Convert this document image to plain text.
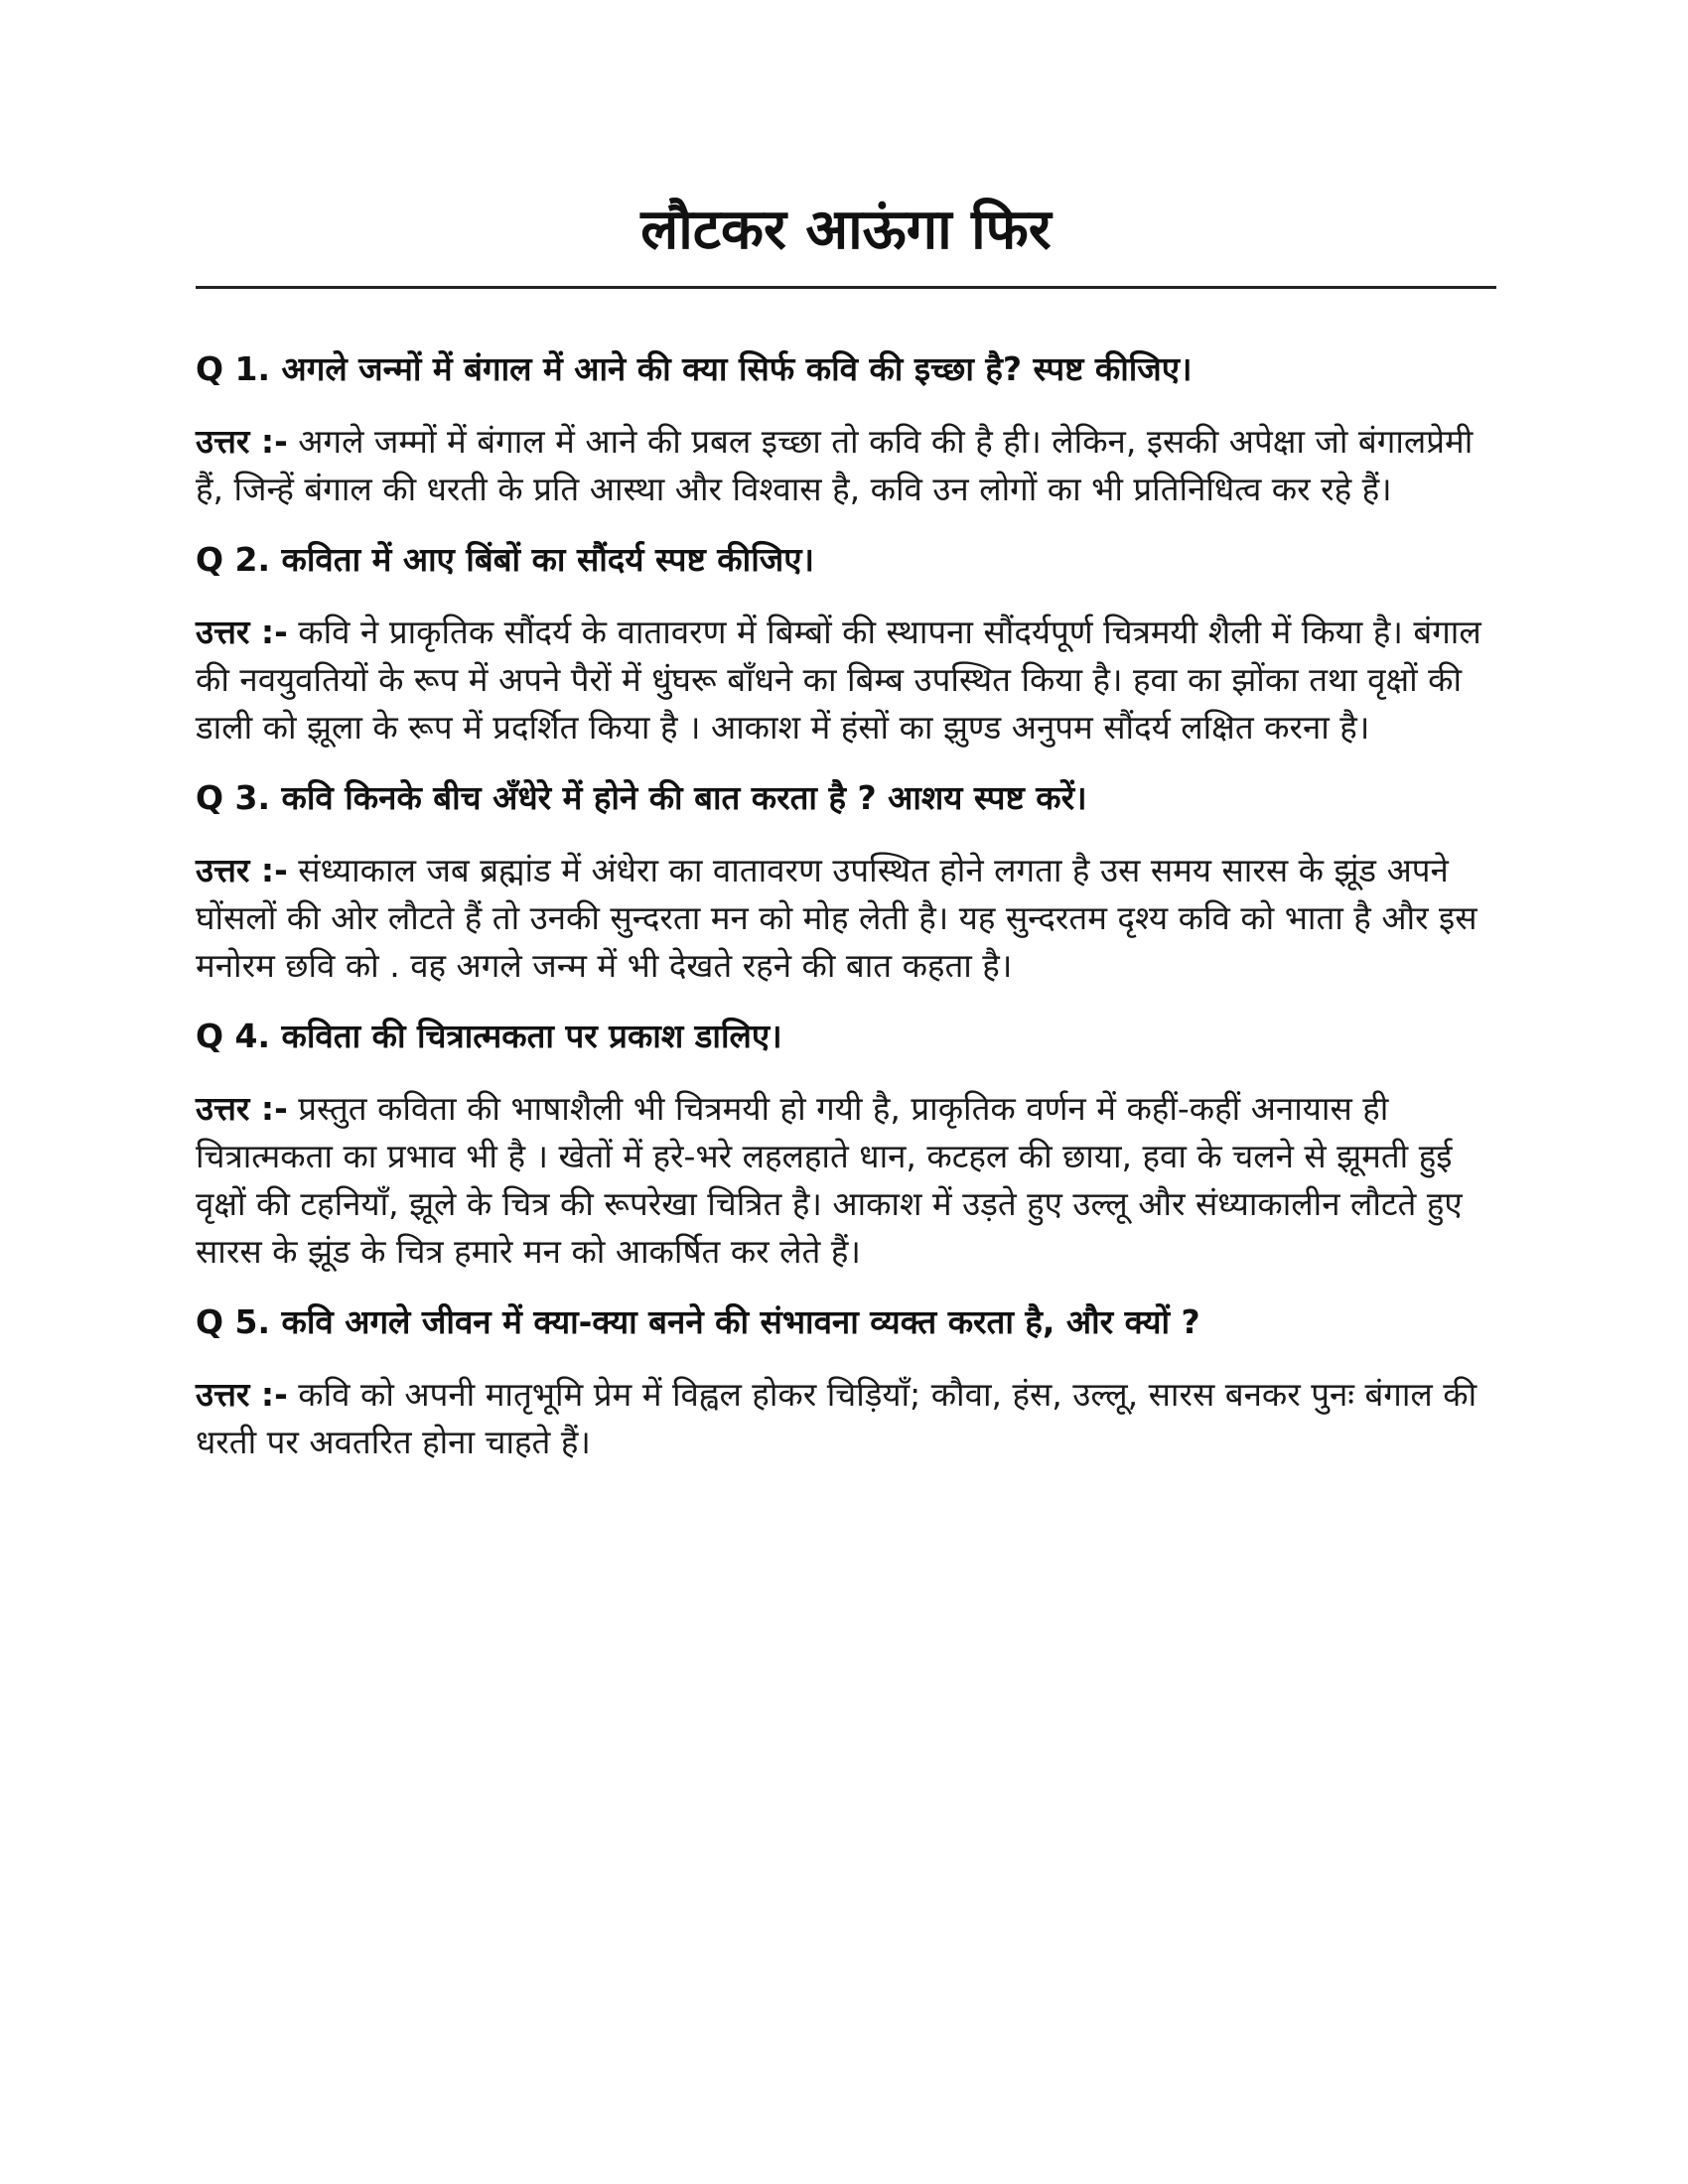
लौटकर आऊंगा फिर

Q 1. अगले जन्मों में बंगाल में आने की क्या सिर्फ कवि की इच्छा है? स्पष्ट कीजिए।

उत्तर :- अगले जम्मों में बंगाल में आने की प्रबल इच्छा तो कवि की है ही। लेकिन, इसकी अपेक्षा जो बंगालप्रेमी हैं, जिन्हें बंगाल की धरती के प्रति आस्था और विश्वास है, कवि उन लोगों का भी प्रतिनिधित्व कर रहे हैं।

Q 2. कविता में आए बिंबों का सौंदर्य स्पष्ट कीजिए।

उत्तर :- कवि ने प्राकृतिक सौंदर्य के वातावरण में बिम्बों की स्थापना सौंदर्यपूर्ण चित्रमयी शैली में किया है। बंगाल की नवयुवतियों के रूप में अपने पैरों में धुंघरू बाँधने का बिम्ब उपस्थित किया है। हवा का झोंका तथा वृक्षों की डाली को झूला के रूप में प्रदर्शित किया है । आकाश में हंसों का झुण्ड अनुपम सौंदर्य लक्षित करना है।

Q 3. कवि किनके बीच अँधेरे में होने की बात करता है ? आशय स्पष्ट करें।

उत्तर :- संध्याकाल जब ब्रह्मांड में अंधेरा का वातावरण उपस्थित होने लगता है उस समय सारस के झूंड अपने घोंसलों की ओर लौटते हैं तो उनकी सुन्दरता मन को मोह लेती है। यह सुन्दरतम दृश्य कवि को भाता है और इस मनोरम छवि को . वह अगले जन्म में भी देखते रहने की बात कहता है।

Q 4. कविता की चित्रात्मकता पर प्रकाश डालिए।

उत्तर :- प्रस्तुत कविता की भाषाशैली भी चित्रमयी हो गयी है, प्राकृतिक वर्णन में कहीं-कहीं अनायास ही चित्रात्मकता का प्रभाव भी है । खेतों में हरे-भरे लहलहाते धान, कटहल की छाया, हवा के चलने से झूमती हुई वृक्षों की टहनियाँ, झूले के चित्र की रूपरेखा चित्रित है। आकाश में उड़ते हुए उल्लू और संध्याकालीन लौटते हुए सारस के झूंड के चित्र हमारे मन को आकर्षित कर लेते हैं।

Q 5. कवि अगले जीवन में क्या-क्या बनने की संभावना व्यक्त करता है, और क्यों ?

उत्तर :- कवि को अपनी मातृभूमि प्रेम में विह्वल होकर चिड़ियाँ; कौवा, हंस, उल्लू, सारस बनकर पुनः बंगाल की धरती पर अवतरित होना चाहते हैं।
